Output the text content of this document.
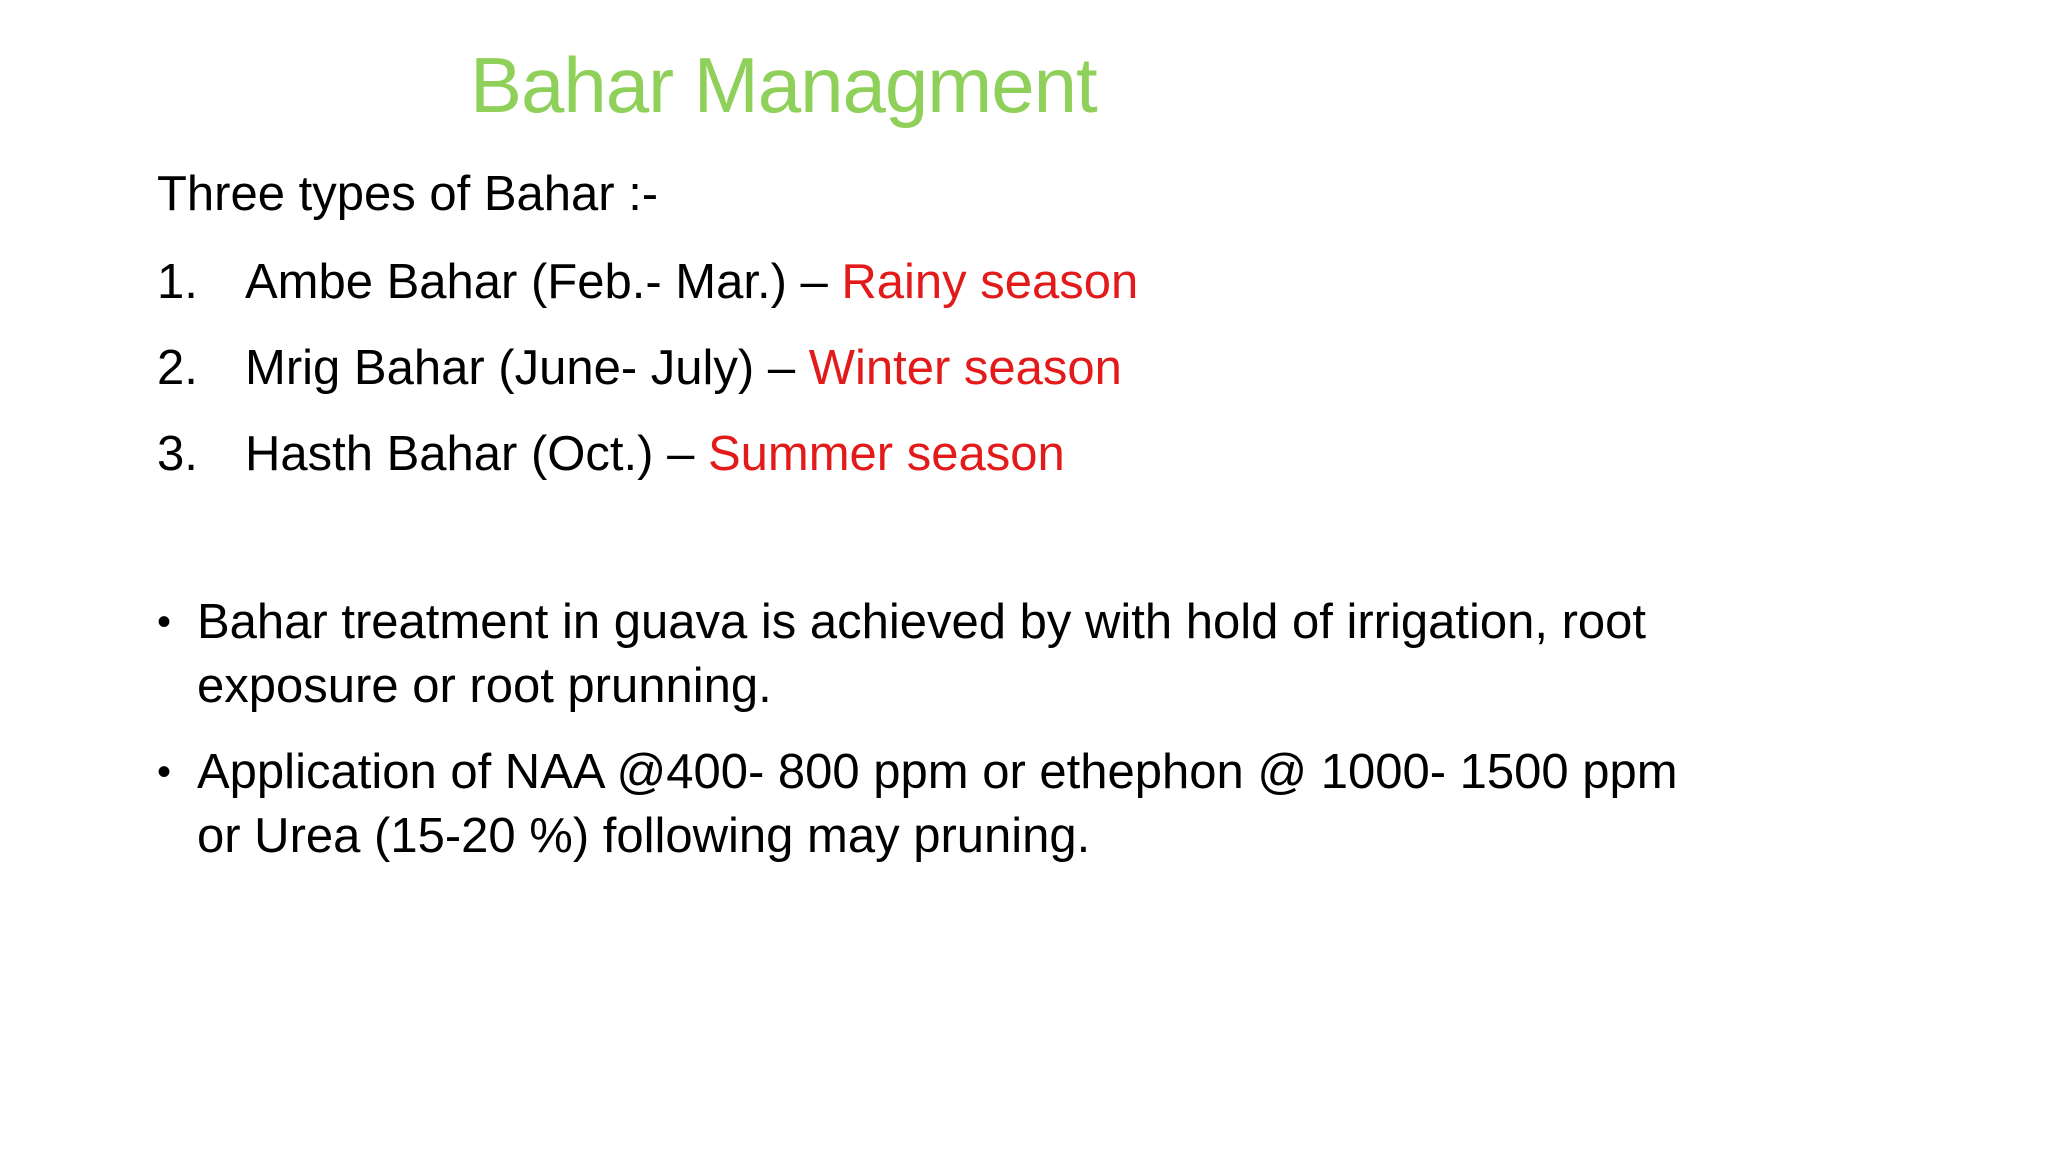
Bahar Managment
Three types of Bahar :-
1. Ambe Bahar (Feb.- Mar.) – Rainy season
2. Mrig Bahar (June- July) – Winter season
3. Hasth Bahar (Oct.) – Summer season
• Bahar treatment in guava is achieved by with hold of irrigation, root
exposure or root prunning.
• Application of NAA @400- 800 ppm or ethephon @ 1000- 1500 ppm
or Urea (15-20 %) following may pruning.
